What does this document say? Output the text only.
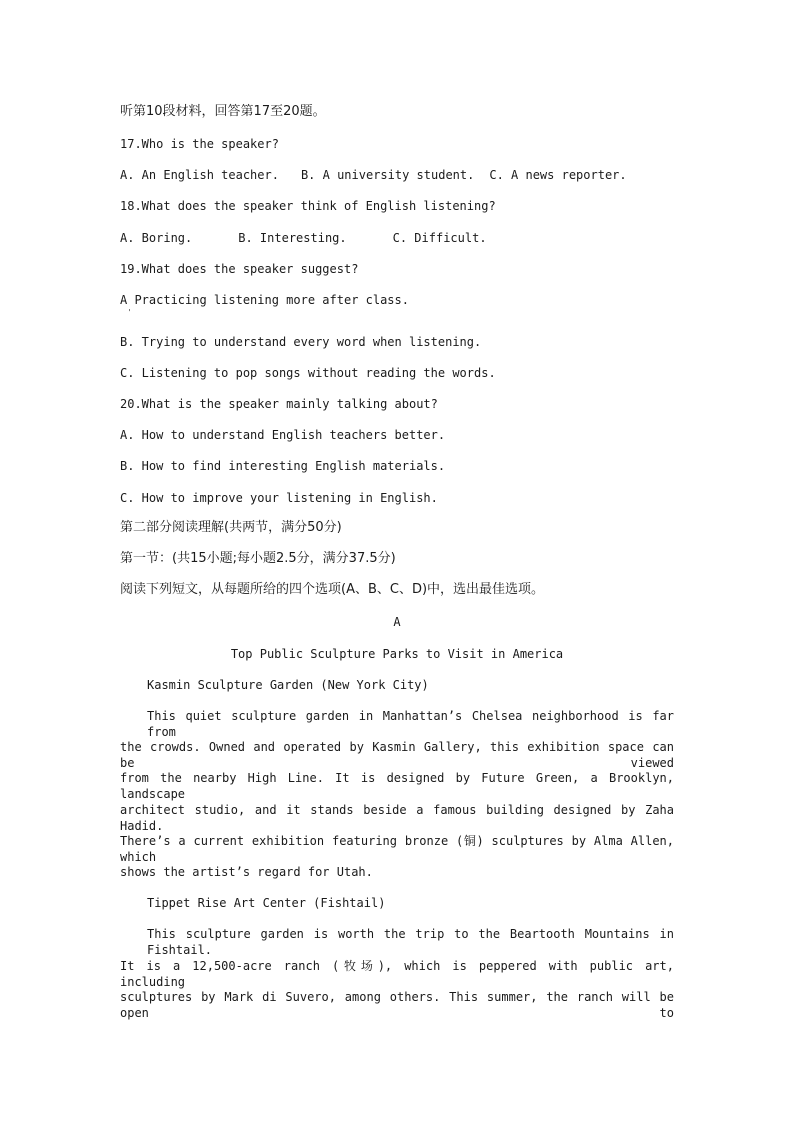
听第10段材料，回答第17至20题。
17.Who is the speaker?
A. An English teacher. B. A university student. C. A news reporter.
18.What does the speaker think of English listening?
A. Boring.	B. Interesting.	C. Difficult.
19.What does the speaker suggest?
A Practicing listening more after class.
'
B. Trying to understand every word when listening.
C. Listening to pop songs without reading the words.
20.What is the speaker mainly talking about?
A. How to understand English teachers better.
B. How to find interesting English materials.
C. How to improve your listening in English.
第二部分阅读理解(共两节，满分50分)
第一节：(共15小题;每小题2.5分，满分37.5分)
阅读下列短文，从每题所给的四个选项(A、B、C、D)中，选出最佳选项。
A
Top Public Sculpture Parks to Visit in America
Kasmin Sculpture Garden (New York City)
This quiet sculpture garden in Manhattan’s Chelsea neighborhood is far from
the crowds. Owned and operated by Kasmin Gallery, this exhibition space can be viewed
from the nearby High Line. It is designed by Future Green, a Brooklyn, landscape
architect studio, and it stands beside a famous building designed by Zaha Hadid.
There’s a current exhibition featuring bronze (铜) sculptures by Alma Allen, which
shows the artist’s regard for Utah.
Tippet Rise Art Center (Fishtail)
This sculpture garden is worth the trip to the Beartooth Mountains in Fishtail.
It is a 12,500-acre ranch (牧场), which is peppered with public art, including
sculptures by Mark di Suvero, among others. This summer, the ranch will be open to
